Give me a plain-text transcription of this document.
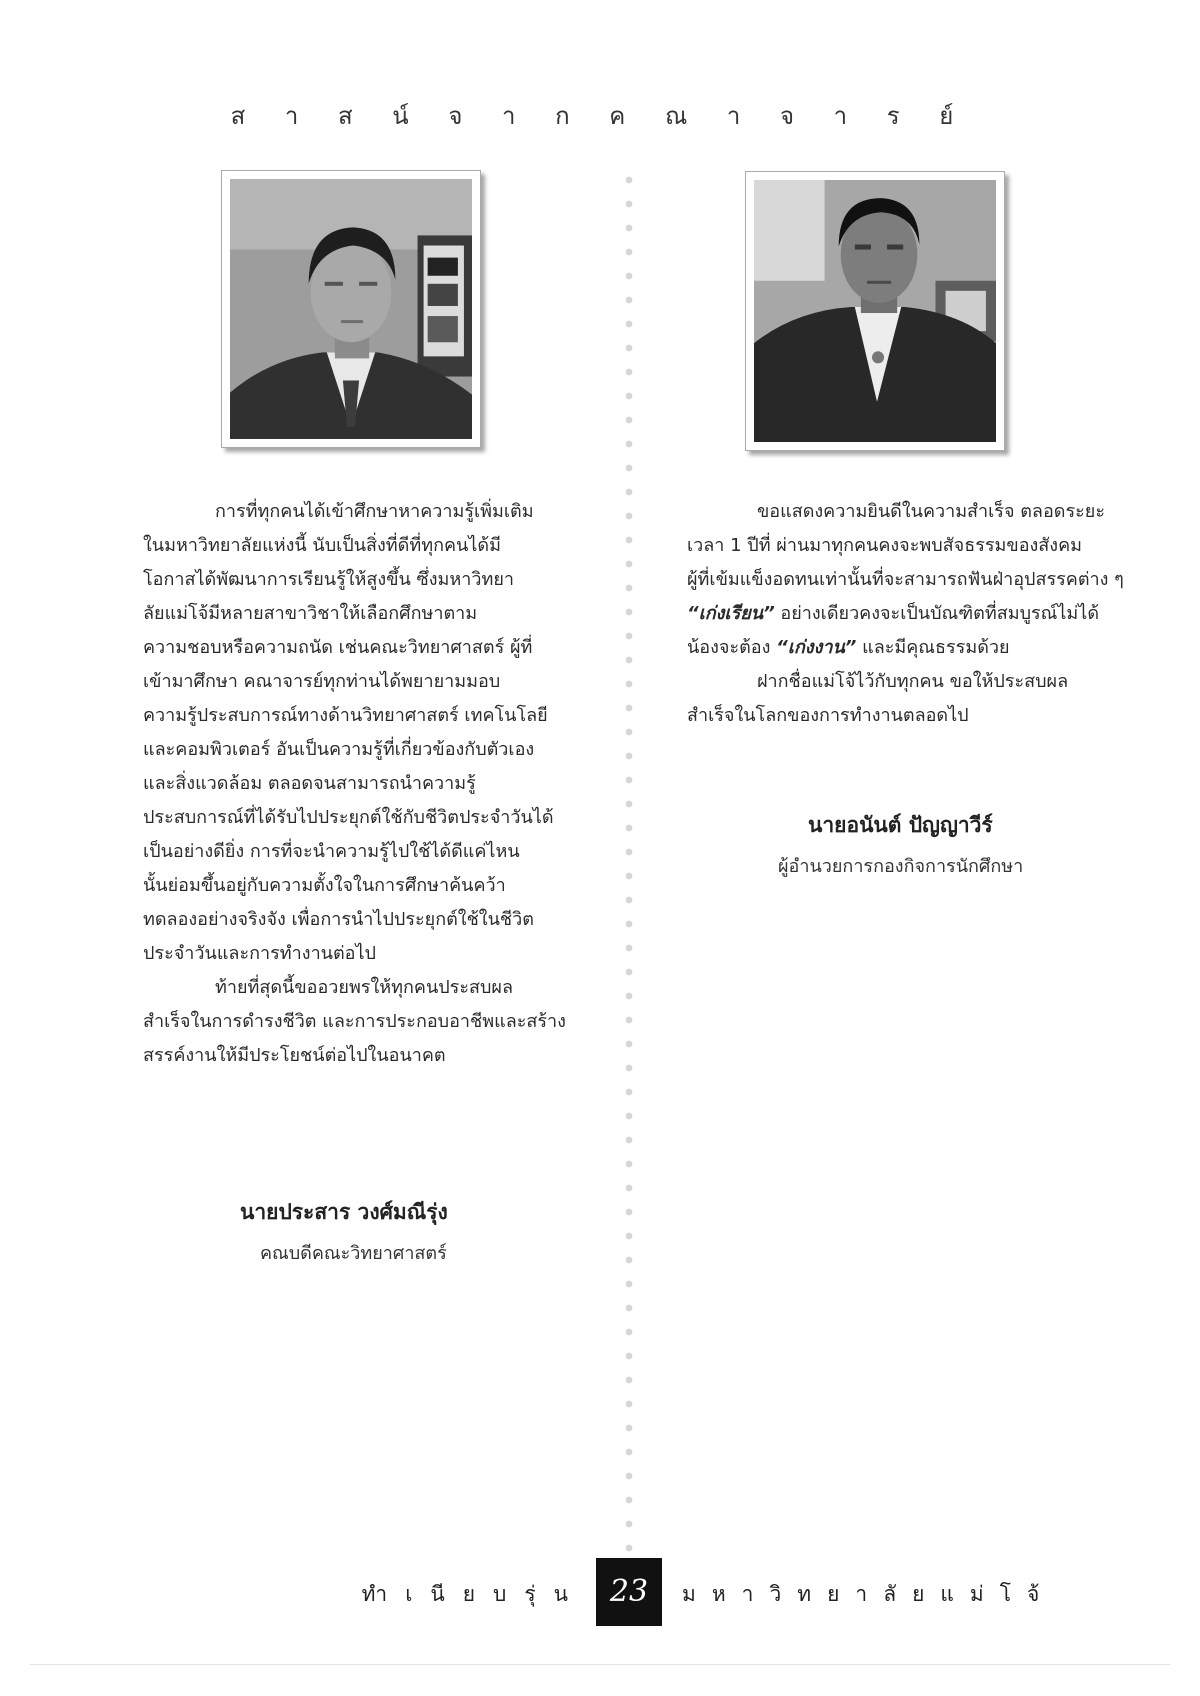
ส า ส น์ จ า ก ค ณ า จ า ร ย์

การที่ทุกคนได้เข้าศึกษาหาความรู้เพิ่มเติม

ในมหาวิทยาลัยแห่งนี้ นับเป็นสิ่งที่ดีที่ทุกคนได้มี

โอกาสได้พัฒนาการเรียนรู้ให้สูงขึ้น ซึ่งมหาวิทยา

ลัยแม่โจ้มีหลายสาขาวิชาให้เลือกศึกษาตาม

ความชอบหรือความถนัด เช่นคณะวิทยาศาสตร์ ผู้ที่

เข้ามาศึกษา คณาจารย์ทุกท่านได้พยายามมอบ

ความรู้ประสบการณ์ทางด้านวิทยาศาสตร์ เทคโนโลยี

และคอมพิวเตอร์ อันเป็นความรู้ที่เกี่ยวข้องกับตัวเอง

และสิ่งแวดล้อม ตลอดจนสามารถนำความรู้

ประสบการณ์ที่ได้รับไปประยุกต์ใช้กับชีวิตประจำวันได้

เป็นอย่างดียิ่ง การที่จะนำความรู้ไปใช้ได้ดีแค่ไหน

นั้นย่อมขึ้นอยู่กับความตั้งใจในการศึกษาค้นคว้า

ทดลองอย่างจริงจัง เพื่อการนำไปประยุกต์ใช้ในชีวิต

ประจำวันและการทำงานต่อไป

ท้ายที่สุดนี้ขออวยพรให้ทุกคนประสบผล

สำเร็จในการดำรงชีวิต และการประกอบอาชีพและสร้าง

สรรค์งานให้มีประโยชน์ต่อไปในอนาคต

นายประสาร วงศ์มณีรุ่ง
คณบดีคณะวิทยาศาสตร์

ขอแสดงความยินดีในความสำเร็จ ตลอดระยะ

เวลา 1 ปีที่ ผ่านมาทุกคนคงจะพบสัจธรรมของสังคม

ผู้ที่เข้มแข็งอดทนเท่านั้นที่จะสามารถฟันฝ่าอุปสรรคต่าง ๆ

“เก่งเรียน” อย่างเดียวคงจะเป็นบัณฑิตที่สมบูรณ์ไม่ได้

น้องจะต้อง “เก่งงาน” และมีคุณธรรมด้วย

ฝากชื่อแม่โจ้ไว้กับทุกคน ขอให้ประสบผล

สำเร็จในโลกของการทำงานตลอดไป

นายอนันต์ ปัญญาวีร์
ผู้อำนวยการกองกิจการนักศึกษา
ทำเนียบรุ่น 23	มหาวิทยาลัยแม่โจ้
